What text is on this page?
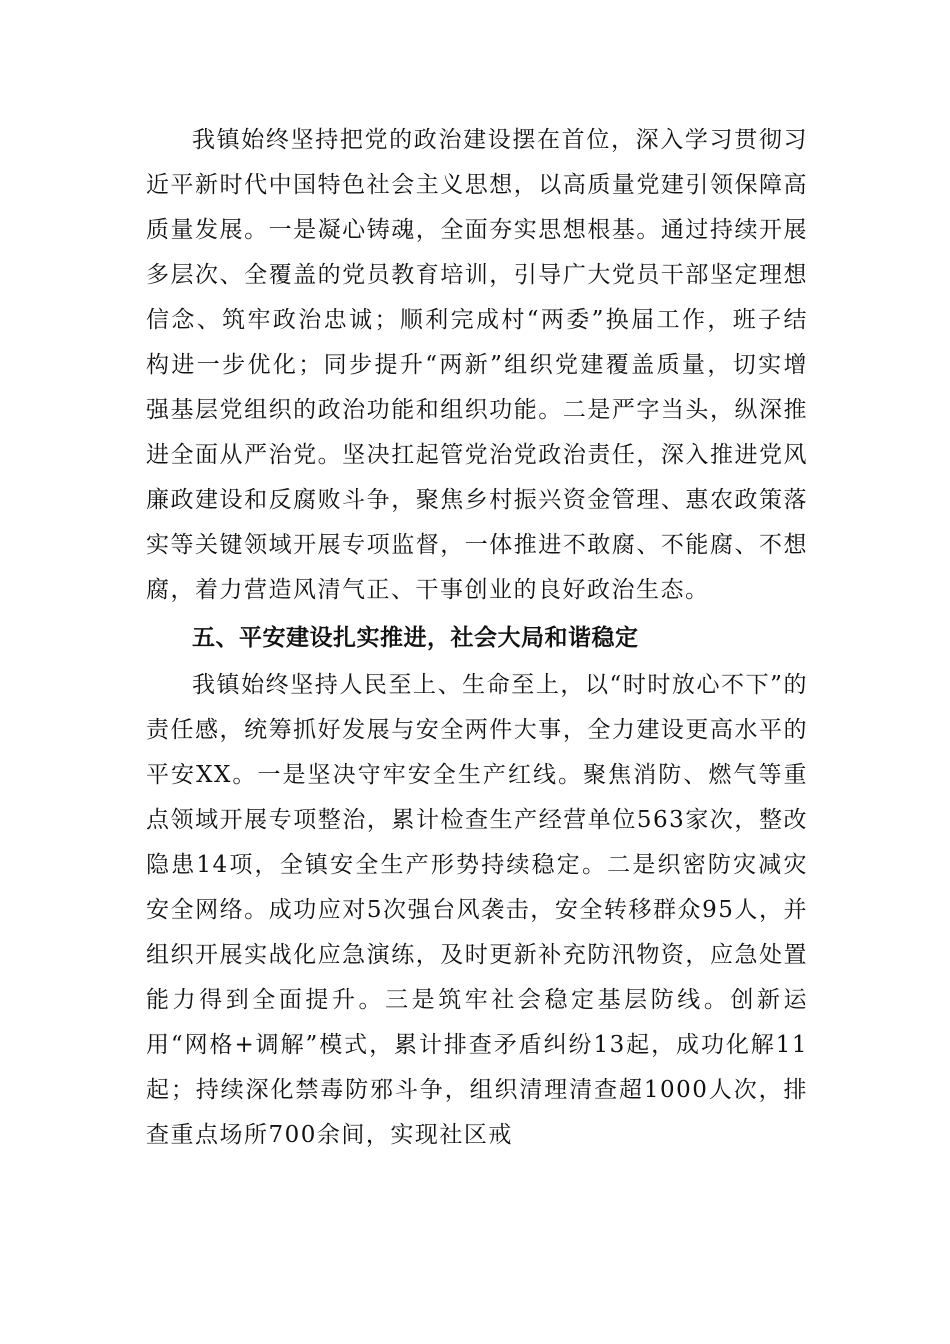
我镇始终坚持把党的政治建设摆在首位，深入学习贯彻习近平新时代中国特色社会主义思想，以高质量党建引领保障高质量发展。一是凝心铸魂，全面夯实思想根基。通过持续开展多层次、全覆盖的党员教育培训，引导广大党员干部坚定理想信念、筑牢政治忠诚；顺利完成村“两委”换届工作，班子结构进一步优化；同步提升“两新”组织党建覆盖质量，切实增强基层党组织的政治功能和组织功能。二是严字当头，纵深推进全面从严治党。坚决扛起管党治党政治责任，深入推进党风廉政建设和反腐败斗争，聚焦乡村振兴资金管理、惠农政策落实等关键领域开展专项监督，一体推进不敢腐、不能腐、不想腐，着力营造风清气正、干事创业的良好政治生态。

五、平安建设扎实推进，社会大局和谐稳定

我镇始终坚持人民至上、生命至上，以“时时放心不下”的责任感，统筹抓好发展与安全两件大事，全力建设更高水平的平安XX。一是坚决守牢安全生产红线。聚焦消防、燃气等重点领域开展专项整治，累计检查生产经营单位563家次，整改隐患14项，全镇安全生产形势持续稳定。二是织密防灾减灾安全网络。成功应对5次强台风袭击，安全转移群众95人，并组织开展实战化应急演练，及时更新补充防汛物资，应急处置能力得到全面提升。三是筑牢社会稳定基层防线。创新运用“网格+调解”模式，累计排查矛盾纠纷13起，成功化解11起；持续深化禁毒防邪斗争，组织清理清查超1000人次，排查重点场所700余间，实现社区戒
